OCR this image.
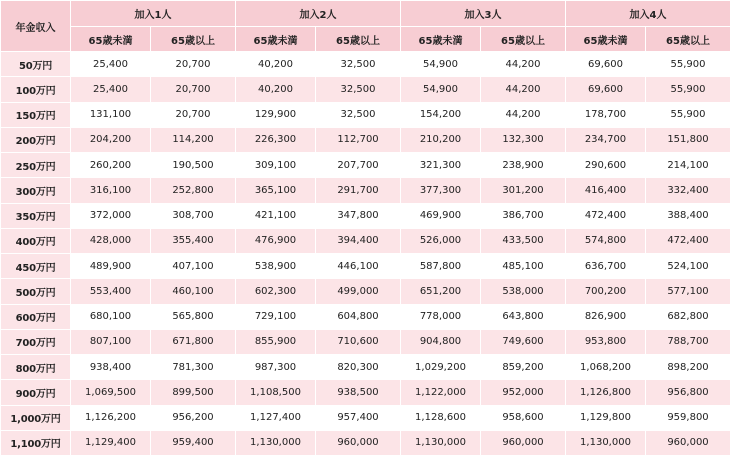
年金収入	加入1人		加入2人		加入3人		加入4人	
	65歳未満	65歳以上	65歳未満	65歳以上	65歳未満	65歳以上	65歳未満	65歳以上
50万円	25,400	20,700	40,200	32,500	54,900	44,200	69,600	55,900
100万円	25,400	20,700	40,200	32,500	54,900	44,200	69,600	55,900
150万円	131,100	20,700	129,900	32,500	154,200	44,200	178,700	55,900
200万円	204,200	114,200	226,300	112,700	210,200	132,300	234,700	151,800
250万円	260,200	190,500	309,100	207,700	321,300	238,900	290,600	214,100
300万円	316,100	252,800	365,100	291,700	377,300	301,200	416,400	332,400
350万円	372,000	308,700	421,100	347,800	469,900	386,700	472,400	388,400
400万円	428,000	355,400	476,900	394,400	526,000	433,500	574,800	472,400
450万円	489,900	407,100	538,900	446,100	587,800	485,100	636,700	524,100
500万円	553,400	460,100	602,300	499,000	651,200	538,000	700,200	577,100
600万円	680,100	565,800	729,100	604,800	778,000	643,800	826,900	682,800
700万円	807,100	671,800	855,900	710,600	904,800	749,600	953,800	788,700
800万円	938,400	781,300	987,300	820,300	1,029,200	859,200	1,068,200	898,200
900万円	1,069,500	899,500	1,108,500	938,500	1,122,000	952,000	1,126,800	956,800
1,000万円	1,126,200	956,200	1,127,400	957,400	1,128,600	958,600	1,129,800	959,800
1,100万円	1,129,400	959,400	1,130,000	960,000	1,130,000	960,000	1,130,000	960,000
